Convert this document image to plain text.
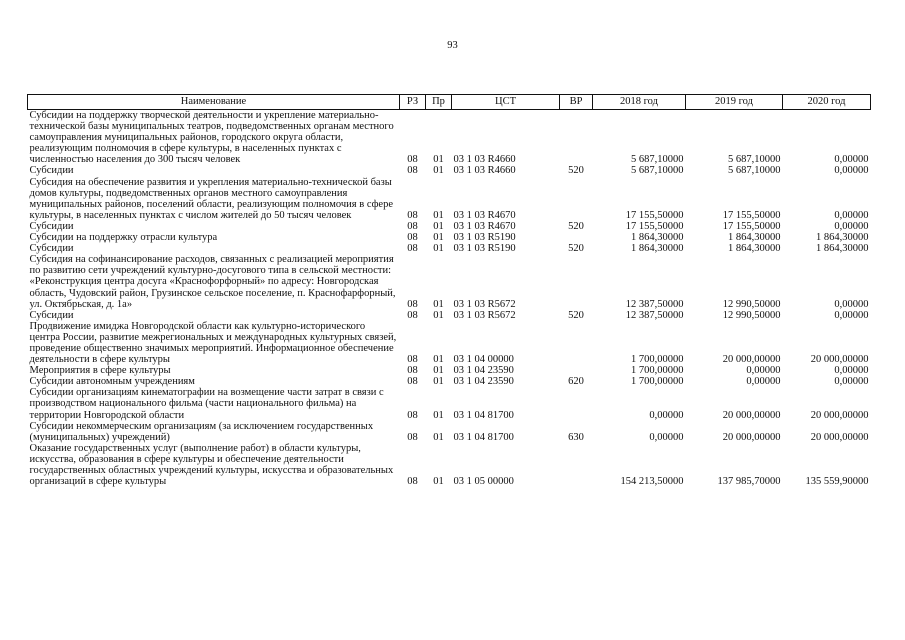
93
Наименование	РЗ	Пр	ЦСТ	ВР	2018 год	2019 год	2020 год
Субсидии на поддержку творческой деятельности и укрепление материально-технической базы муниципальных театров, подведомственных органам местного самоуправления муниципальных районов, городского округа области, реализующим полномочия в сфере культуры, в населенных пунктах с численностью населения до 300 тысяч человек	08	01	03 1 03 R4660		5 687,10000	5 687,10000	0,00000
Субсидии	08	01	03 1 03 R4660	520	5 687,10000	5 687,10000	0,00000
Субсидия на обеспечение развития и укрепления материально-технической базы домов культуры, подведомственных органов местного самоуправления муниципальных районов, поселений области, реализующим полномочия в сфере культуры, в населенных пунктах с числом жителей до 50 тысяч человек	08	01	03 1 03 R4670		17 155,50000	17 155,50000	0,00000
Субсидии	08	01	03 1 03 R4670	520	17 155,50000	17 155,50000	0,00000
Субсидии на поддержку отрасли культура	08	01	03 1 03 R5190		1 864,30000	1 864,30000	1 864,30000
Субсидии	08	01	03 1 03 R5190	520	1 864,30000	1 864,30000	1 864,30000
Субсидия на софинансирование расходов, связанных с реализацией мероприятия по развитию сети учреждений культурно-досугового типа в сельской местности: «Реконструкция центра досуга «Краснофорфорный» по адресу: Новгородская область, Чудовский район, Грузинское сельское поселение, п. Краснофарфорный, ул. Октябрьская, д. 1а»	08	01	03 1 03 R5672		12 387,50000	12 990,50000	0,00000
Субсидии	08	01	03 1 03 R5672	520	12 387,50000	12 990,50000	0,00000
Продвижение имиджа Новгородской области как культурно-исторического центра России, развитие межрегиональных и международных культурных связей, проведение общественно значимых мероприятий. Информационное обеспечение деятельности в сфере культуры	08	01	03 1 04 00000		1 700,00000	20 000,00000	20 000,00000
Мероприятия в сфере культуры	08	01	03 1 04 23590		1 700,00000	0,00000	0,00000
Субсидии автономным учреждениям	08	01	03 1 04 23590	620	1 700,00000	0,00000	0,00000
Субсидии организациям кинематографии на возмещение части затрат в связи с производством национального фильма (части национального фильма) на территории Новгородской области	08	01	03 1 04 81700		0,00000	20 000,00000	20 000,00000
Субсидии некоммерческим организациям (за исключением государственных (муниципальных) учреждений)	08	01	03 1 04 81700	630	0,00000	20 000,00000	20 000,00000
Оказание государственных услуг (выполнение работ) в области культуры, искусства, образования в сфере культуры и обеспечение деятельности государственных областных учреждений культуры, искусства и образовательных организаций в сфере культуры	08	01	03 1 05 00000		154 213,50000	137 985,70000	135 559,90000
